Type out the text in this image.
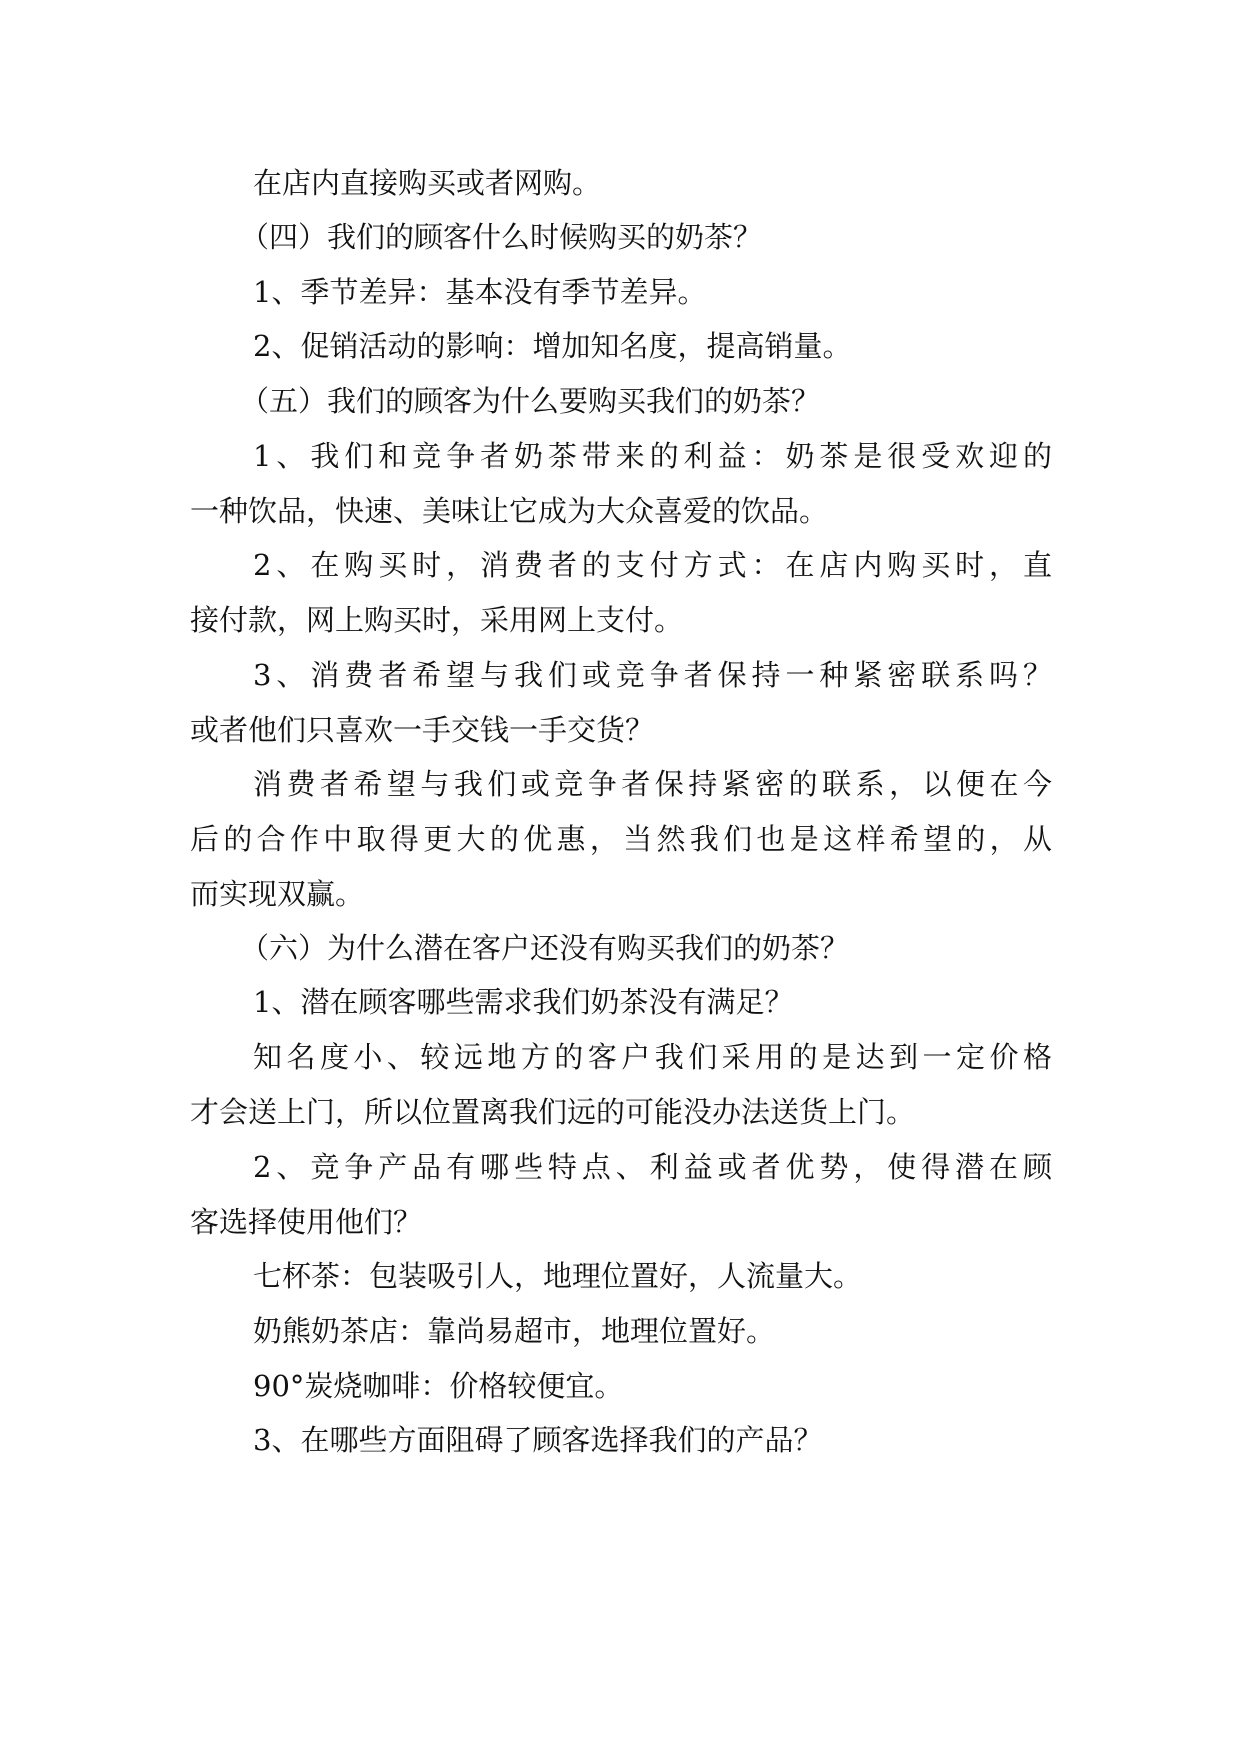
在店内直接购买或者网购。
（四）我们的顾客什么时候购买的奶茶？
1、季节差异：基本没有季节差异。
2、促销活动的影响：增加知名度，提高销量。
（五）我们的顾客为什么要购买我们的奶茶？
1、我们和竞争者奶茶带来的利益：奶茶是很受欢迎的
一种饮品，快速、美味让它成为大众喜爱的饮品。
2、在购买时，消费者的支付方式：在店内购买时，直
接付款，网上购买时，采用网上支付。
3、消费者希望与我们或竞争者保持一种紧密联系吗？
或者他们只喜欢一手交钱一手交货？
消费者希望与我们或竞争者保持紧密的联系，以便在今
后的合作中取得更大的优惠，当然我们也是这样希望的，从
而实现双赢。
（六）为什么潜在客户还没有购买我们的奶茶？
1、潜在顾客哪些需求我们奶茶没有满足？
知名度小、较远地方的客户我们采用的是达到一定价格
才会送上门，所以位置离我们远的可能没办法送货上门。
2、竞争产品有哪些特点、利益或者优势，使得潜在顾
客选择使用他们？
七杯茶：包装吸引人，地理位置好，人流量大。
奶熊奶茶店：靠尚易超市，地理位置好。
90°炭烧咖啡：价格较便宜。
3、在哪些方面阻碍了顾客选择我们的产品？
